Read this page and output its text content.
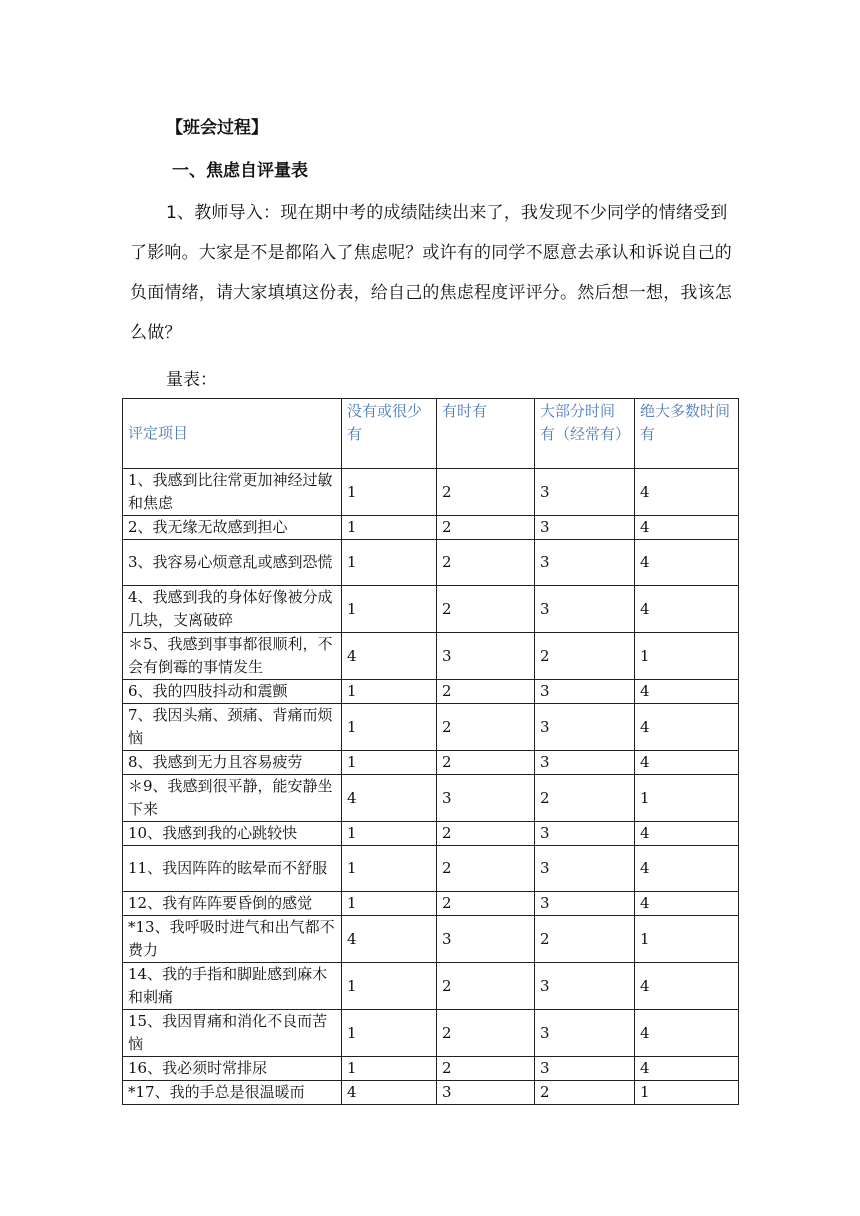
【班会过程】
一、焦虑自评量表
1、教师导入：现在期中考的成绩陆续出来了，我发现不少同学的情绪受到了影响。大家是不是都陷入了焦虑呢？或许有的同学不愿意去承认和诉说自己的负面情绪，请大家填填这份表，给自己的焦虑程度评评分。然后想一想，我该怎么做？
量表：
评定项目	没有或很少有	有时有	大部分时间有（经常有）	绝大多数时间有
1、我感到比往常更加神经过敏和焦虑	1	2	3	4
2、我无缘无故感到担心	1	2	3	4
3、我容易心烦意乱或感到恐慌	1	2	3	4
4、我感到我的身体好像被分成几块，支离破碎	1	2	3	4
＊5、我感到事事都很顺利，不会有倒霉的事情发生	4	3	2	1
6、我的四肢抖动和震颤	1	2	3	4
7、我因头痛、颈痛、背痛而烦恼	1	2	3	4
8、我感到无力且容易疲劳	1	2	3	4
＊9、我感到很平静，能安静坐下来	4	3	2	1
10、我感到我的心跳较快	1	2	3	4
11、我因阵阵的眩晕而不舒服	1	2	3	4
12、我有阵阵要昏倒的感觉	1	2	3	4
*13、我呼吸时进气和出气都不费力	4	3	2	1
14、我的手指和脚趾感到麻木和刺痛	1	2	3	4
15、我因胃痛和消化不良而苦恼	1	2	3	4
16、我必须时常排尿	1	2	3	4
*17、我的手总是很温暖而	4	3	2	1
